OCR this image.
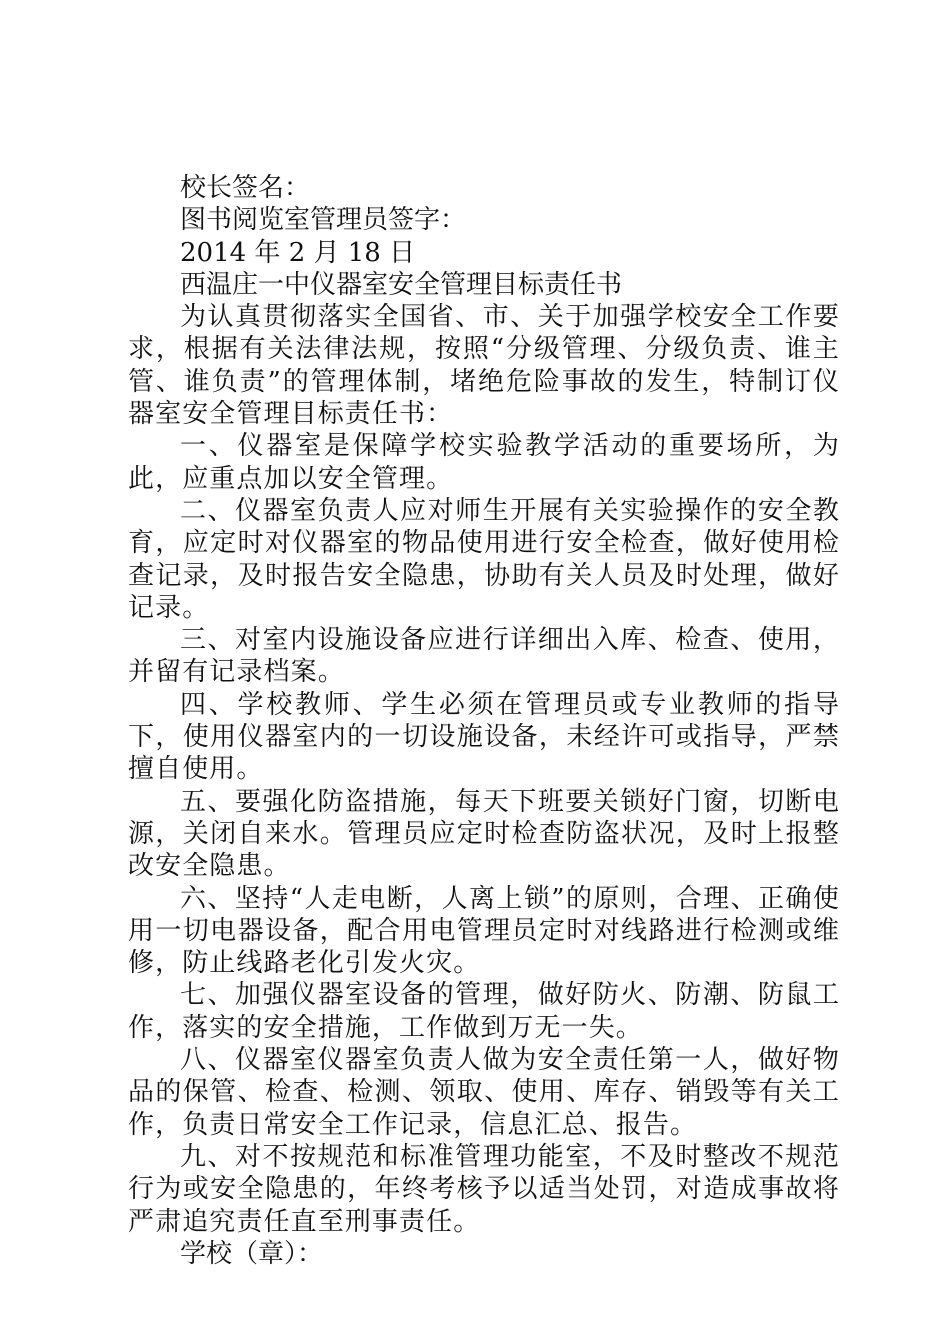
校长签名：

图书阅览室管理员签字：

2014 年 2 月 18 日

西温庄一中仪器室安全管理目标责任书

为认真贯彻落实全国省、市、关于加强学校安全工作要求，根据有关法律法规，按照“分级管理、分级负责、谁主管、谁负责”的管理体制，堵绝危险事故的发生，特制订仪器室安全管理目标责任书：

一、仪器室是保障学校实验教学活动的重要场所，为此，应重点加以安全管理。

二、仪器室负责人应对师生开展有关实验操作的安全教育，应定时对仪器室的物品使用进行安全检查，做好使用检查记录，及时报告安全隐患，协助有关人员及时处理，做好记录。

三、对室内设施设备应进行详细出入库、检查、使用，并留有记录档案。

四、学校教师、学生必须在管理员或专业教师的指导下，使用仪器室内的一切设施设备，未经许可或指导，严禁擅自使用。

五、要强化防盗措施，每天下班要关锁好门窗，切断电源，关闭自来水。管理员应定时检查防盗状况，及时上报整改安全隐患。

六、坚持“人走电断，人离上锁”的原则，合理、正确使用一切电器设备，配合用电管理员定时对线路进行检测或维修，防止线路老化引发火灾。

七、加强仪器室设备的管理，做好防火、防潮、防鼠工作，落实的安全措施，工作做到万无一失。

八、仪器室仪器室负责人做为安全责任第一人，做好物品的保管、检查、检测、领取、使用、库存、销毁等有关工作，负责日常安全工作记录，信息汇总、报告。

九、对不按规范和标准管理功能室，不及时整改不规范行为或安全隐患的，年终考核予以适当处罚，对造成事故将严肃追究责任直至刑事责任。

学校（章）：
